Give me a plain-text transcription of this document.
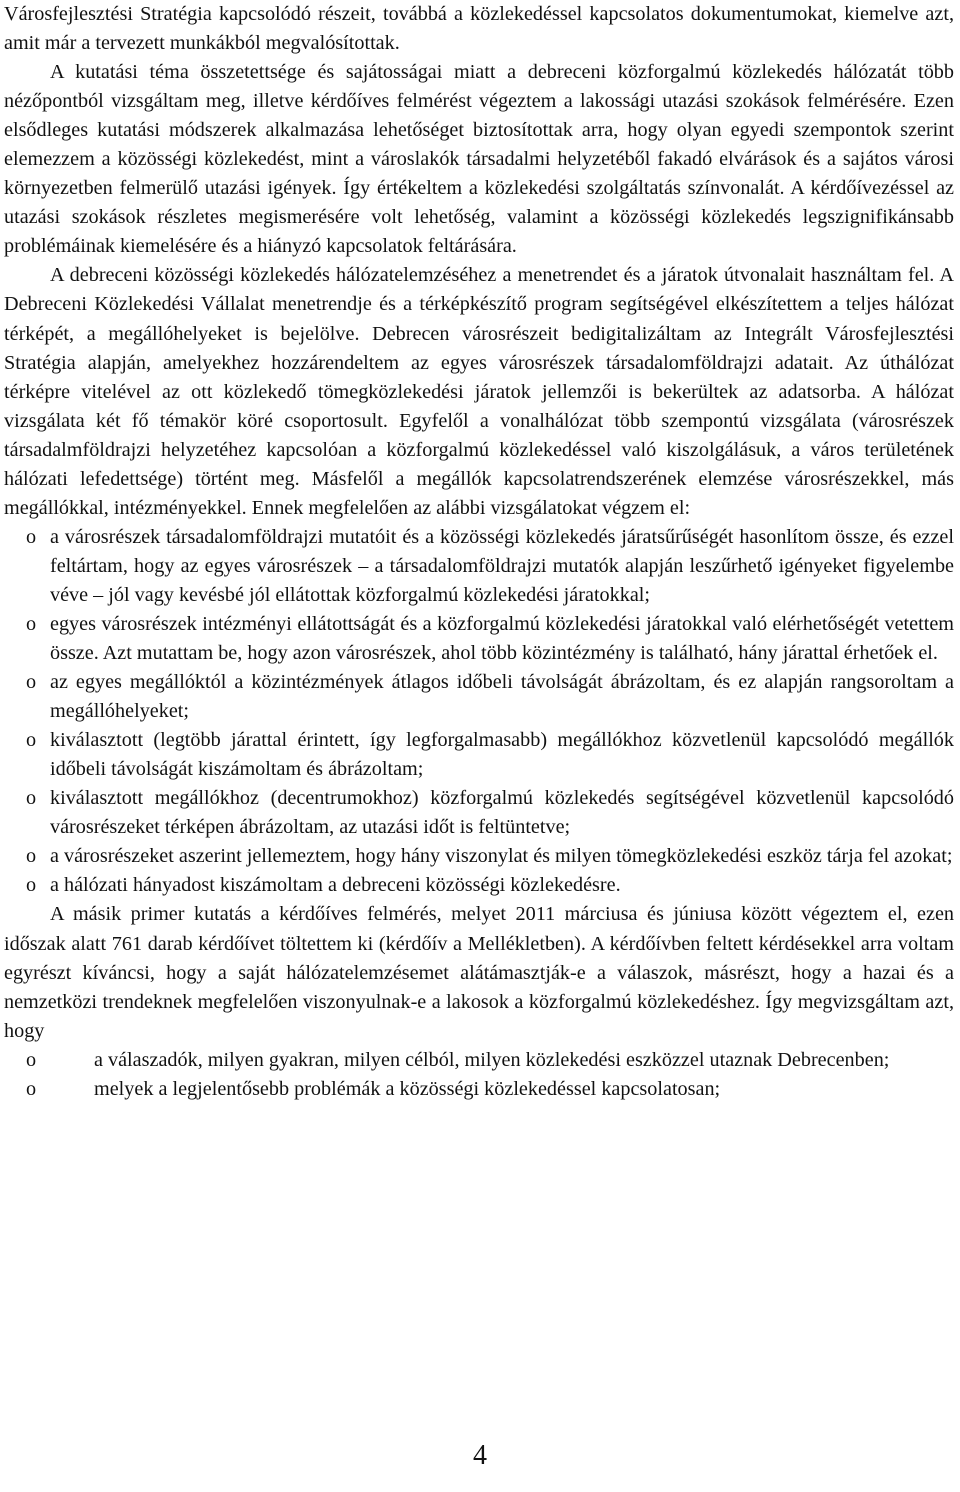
Városfejlesztési Stratégia kapcsolódó részeit, továbbá a közlekedéssel kapcsolatos dokumentumokat, kiemelve azt, amit már a tervezett munkákból megvalósítottak.

A kutatási téma összetettsége és sajátosságai miatt a debreceni közforgalmú közlekedés hálózatát több nézőpontból vizsgáltam meg, illetve kérdőíves felmérést végeztem a lakossági utazási szokások felmérésére. Ezen elsődleges kutatási módszerek alkalmazása lehetőséget biztosítottak arra, hogy olyan egyedi szempontok szerint elemezzem a közösségi közlekedést, mint a városlakók társadalmi helyzetéből fakadó elvárások és a sajátos városi környezetben felmerülő utazási igények. Így értékeltem a közlekedési szolgáltatás színvonalát. A kérdőívezéssel az utazási szokások részletes megismerésére volt lehetőség, valamint a közösségi közlekedés legszignifikánsabb problémáinak kiemelésére és a hiányzó kapcsolatok feltárására.

A debreceni közösségi közlekedés hálózatelemzéséhez a menetrendet és a járatok útvonalait használtam fel. A Debreceni Közlekedési Vállalat menetrendje és a térképkészítő program segítségével elkészítettem a teljes hálózat térképét, a megállóhelyeket is bejelölve. Debrecen városrészeit bedigitalizáltam az Integrált Városfejlesztési Stratégia alapján, amelyekhez hozzárendeltem az egyes városrészek társadalomföldrajzi adatait. Az úthálózat térképre vitelével az ott közlekedő tömegközlekedési járatok jellemzői is bekerültek az adatsorba. A hálózat vizsgálata két fő témakör köré csoportosult. Egyfelől a vonalhálózat több szempontú vizsgálata (városrészek társadalmföldrajzi helyzetéhez kapcsolóan a közforgalmú közlekedéssel való kiszolgálásuk, a város területének hálózati lefedettsége) történt meg. Másfelől a megállók kapcsolatrendszerének elemzése városrészekkel, más megállókkal, intézményekkel. Ennek megfelelően az alábbi vizsgálatokat végzem el:

o a városrészek társadalomföldrajzi mutatóit és a közösségi közlekedés járatsűrűségét hasonlítom össze, és ezzel feltártam, hogy az egyes városrészek – a társadalomföldrajzi mutatók alapján leszűrhető igényeket figyelembe véve – jól vagy kevésbé jól ellátottak közforgalmú közlekedési járatokkal;
o egyes városrészek intézményi ellátottságát és a közforgalmú közlekedési járatokkal való elérhetőségét vetettem össze. Azt mutattam be, hogy azon városrészek, ahol több közintézmény is található, hány járattal érhetőek el.
o az egyes megállóktól a közintézmények átlagos időbeli távolságát ábrázoltam, és ez alapján rangsoroltam a megállóhelyeket;
o kiválasztott (legtöbb járattal érintett, így legforgalmasabb) megállókhoz közvetlenül kapcsolódó megállók időbeli távolságát kiszámoltam és ábrázoltam;
o kiválasztott megállókhoz (decentrumokhoz) közforgalmú közlekedés segítségével közvetlenül kapcsolódó városrészeket térképen ábrázoltam, az utazási időt is feltüntetve;
o a városrészeket aszerint jellemeztem, hogy hány viszonylat és milyen tömegközlekedési eszköz tárja fel azokat;
o a hálózati hányadost kiszámoltam a debreceni közösségi közlekedésre.

A másik primer kutatás a kérdőíves felmérés, melyet 2011 márciusa és júniusa között végeztem el, ezen időszak alatt 761 darab kérdőívet töltettem ki (kérdőív a Mellékletben). A kérdőívben feltett kérdésekkel arra voltam egyrészt kíváncsi, hogy a saját hálózatelemzésemet alátámasztják-e a válaszok, másrészt, hogy a hazai és a nemzetközi trendeknek megfelelően viszonyulnak-e a lakosok a közforgalmú közlekedéshez. Így megvizsgáltam azt, hogy

o	a válaszadók, milyen gyakran, milyen célból, milyen közlekedési eszközzel utaznak Debrecenben;
o	melyek a legjelentősebb problémák a közösségi közlekedéssel kapcsolatosan;
4
